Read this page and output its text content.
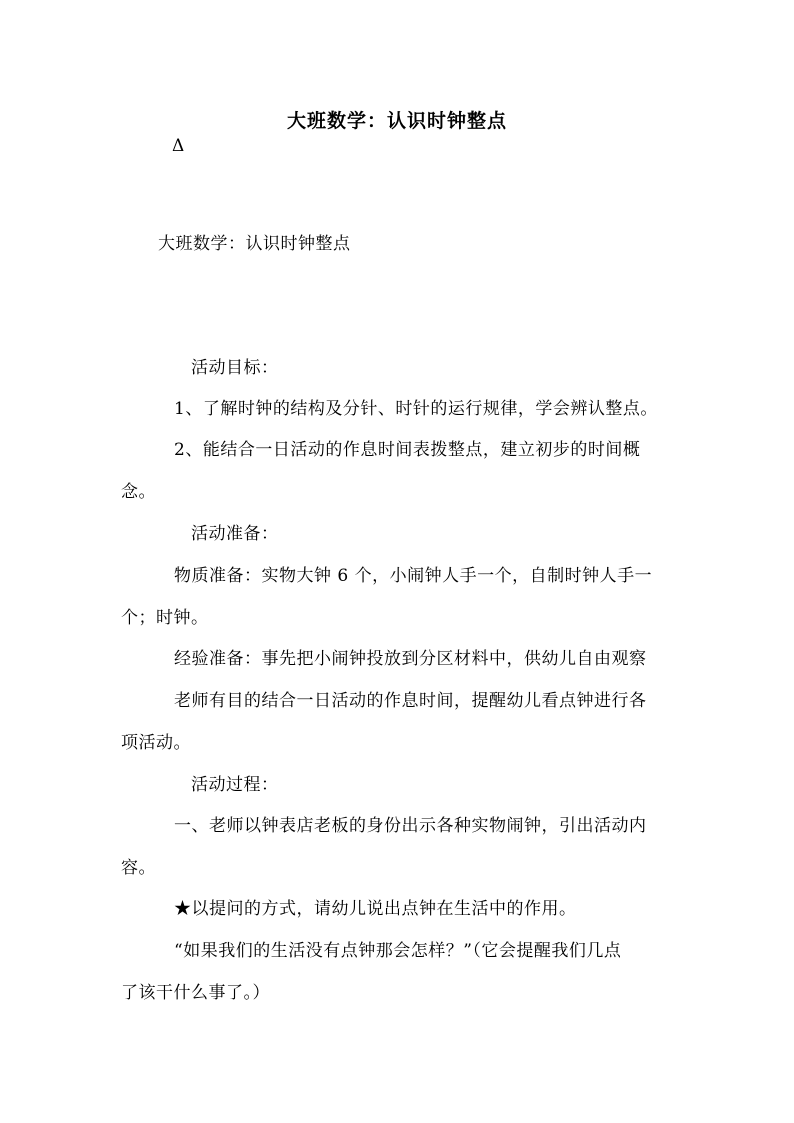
大班数学：认识时钟整点
Δ
大班数学：认识时钟整点
活动目标：
1、了解时钟的结构及分针、时针的运行规律，学会辨认整点。
2、能结合一日活动的作息时间表拨整点，建立初步的时间概
念。
活动准备：
物质准备：实物大钟 6 个，小闹钟人手一个，自制时钟人手一
个；时钟。
经验准备：事先把小闹钟投放到分区材料中，供幼儿自由观察
老师有目的结合一日活动的作息时间，提醒幼儿看点钟进行各
项活动。
活动过程：
一、老师以钟表店老板的身份出示各种实物闹钟，引出活动内
容。
★以提问的方式，请幼儿说出点钟在生活中的作用。
“如果我们的生活没有点钟那会怎样？”（它会提醒我们几点
了该干什么事了。）
